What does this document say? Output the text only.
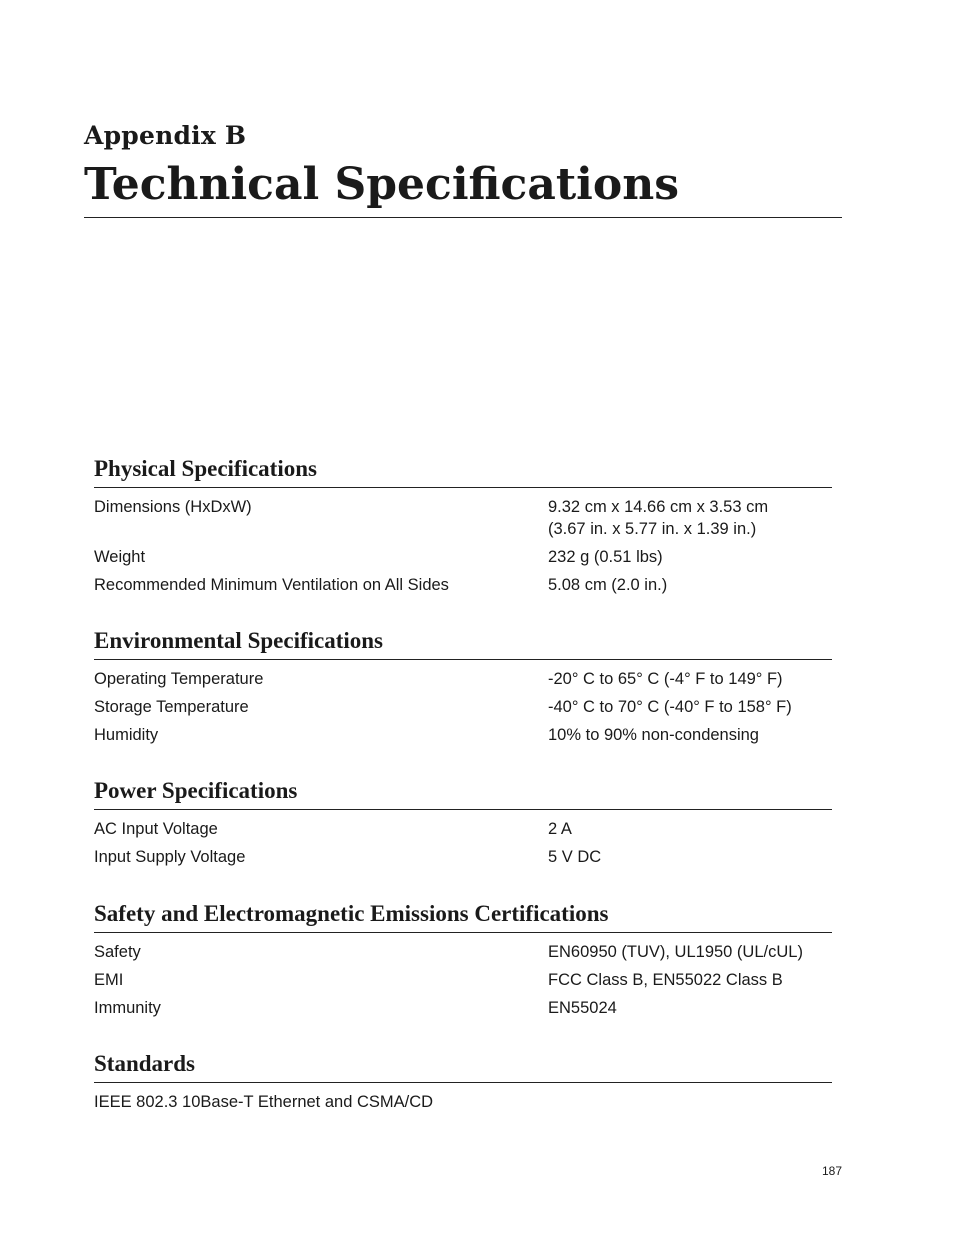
Appendix B
Technical Specifications
Physical Specifications
Dimensions (HxDxW)	9.32 cm x 14.66 cm x 3.53 cm
(3.67 in. x 5.77 in. x 1.39 in.)
Weight	232 g (0.51 lbs)
Recommended Minimum Ventilation on All Sides	5.08 cm (2.0 in.)
Environmental Specifications
Operating Temperature	-20° C to 65° C (-4° F to 149° F)
Storage Temperature	-40° C to 70° C (-40° F to 158° F)
Humidity	10% to 90% non-condensing
Power Specifications
AC Input Voltage	2 A
Input Supply Voltage	5 V DC
Safety and Electromagnetic Emissions Certifications
Safety	EN60950 (TUV), UL1950 (UL/cUL)
EMI	FCC Class B, EN55022 Class B
Immunity	EN55024
Standards
IEEE 802.3 10Base-T Ethernet and CSMA/CD
187
